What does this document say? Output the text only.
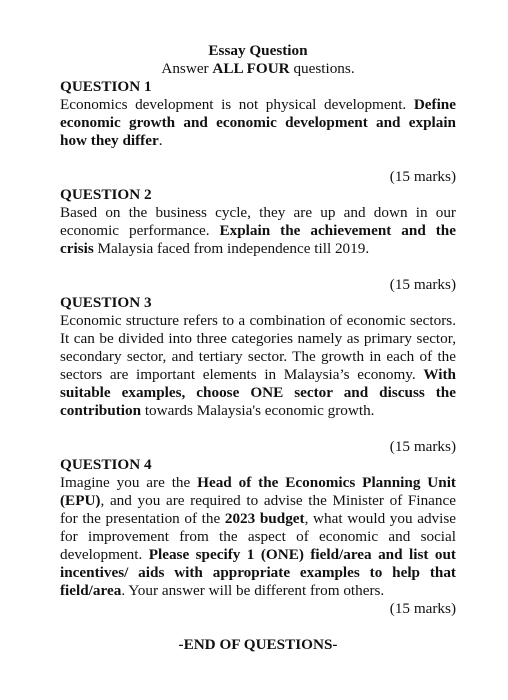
Essay Question
Answer ALL FOUR questions.
QUESTION 1
Economics development is not physical development. Define economic growth and economic development and explain how they differ.
(15 marks)
QUESTION 2
Based on the business cycle, they are up and down in our economic performance. Explain the achievement and the crisis Malaysia faced from independence till 2019.
(15 marks)
QUESTION 3
Economic structure refers to a combination of economic sectors. It can be divided into three categories namely as primary sector, secondary sector, and tertiary sector. The growth in each of the sectors are important elements in Malaysia’s economy. With suitable examples, choose ONE sector and discuss the contribution towards Malaysia's economic growth.
(15 marks)
QUESTION 4
Imagine you are the Head of the Economics Planning Unit (EPU), and you are required to advise the Minister of Finance for the presentation of the 2023 budget, what would you advise for improvement from the aspect of economic and social development. Please specify 1 (ONE) field/area and list out incentives/ aids with appropriate examples to help that field/area. Your answer will be different from others.
(15 marks)
-END OF QUESTIONS-
